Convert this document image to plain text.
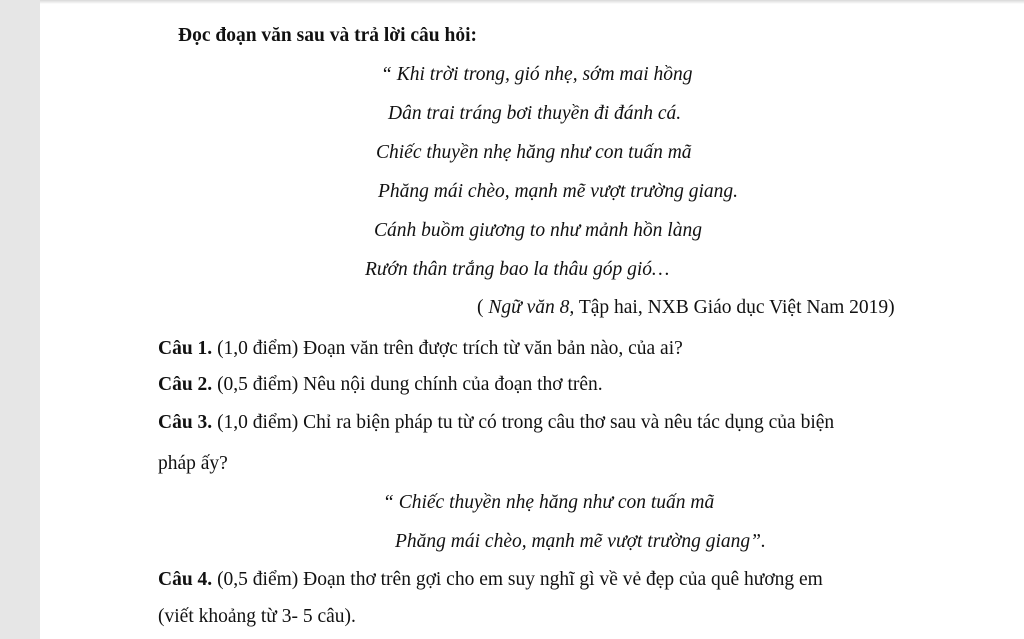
Đọc đoạn văn sau và trả lời câu hỏi:
“ Khi trời trong, gió nhẹ, sớm mai hồng
Dân trai tráng bơi thuyền đi đánh cá.
Chiếc thuyền nhẹ hăng như con tuấn mã
Phăng mái chèo, mạnh mẽ vượt trường giang.
Cánh buồm giương to như mảnh hồn làng
Rướn thân trắng bao la thâu góp gió…
( Ngữ văn 8, Tập hai, NXB Giáo dục Việt Nam 2019)
Câu 1. (1,0 điểm) Đoạn văn trên được trích từ văn bản nào, của ai?
Câu 2. (0,5 điểm) Nêu nội dung chính của đoạn thơ trên.
Câu 3. (1,0 điểm) Chỉ ra biện pháp tu từ có trong câu thơ sau và nêu tác dụng của biện
pháp ấy?
“ Chiếc thuyền nhẹ hăng như con tuấn mã
Phăng mái chèo, mạnh mẽ vượt trường giang”.
Câu 4. (0,5 điểm) Đoạn thơ trên gợi cho em suy nghĩ gì về vẻ đẹp của quê hương em
(viết khoảng từ 3- 5 câu).
